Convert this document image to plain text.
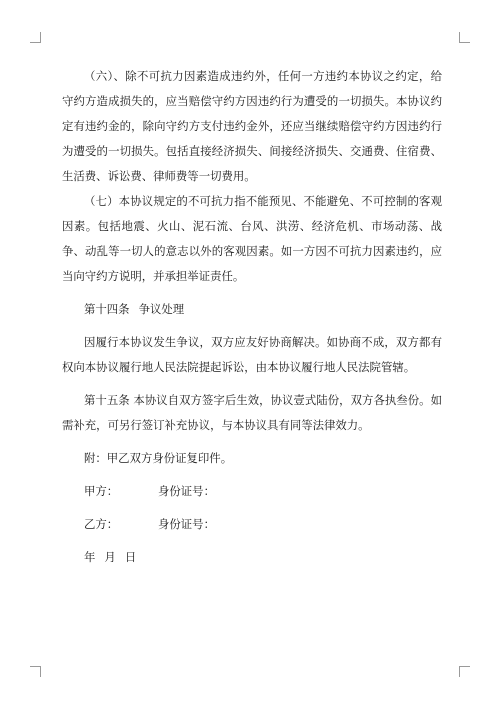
（六）、除不可抗力因素造成违约外，任何一方违约本协议之约定，给守约方造成损失的，应当赔偿守约方因违约行为遭受的一切损失。本协议约定有违约金的，除向守约方支付违约金外，还应当继续赔偿守约方因违约行为遭受的一切损失。包括直接经济损失、间接经济损失、交通费、住宿费、生活费、诉讼费、律师费等一切费用。

（七）本协议规定的不可抗力指不能预见、不能避免、不可控制的客观因素。包括地震、火山、泥石流、台风、洪涝、经济危机、市场动荡、战争、动乱等一切人的意志以外的客观因素。如一方因不可抗力因素违约，应当向守约方说明，并承担举证责任。

第十四条 争议处理

因履行本协议发生争议，双方应友好协商解决。如协商不成，双方都有权向本协议履行地人民法院提起诉讼，由本协议履行地人民法院管辖。

第十五条 本协议自双方签字后生效，协议壹式陆份，双方各执叁份。如需补充，可另行签订补充协议，与本协议具有同等法律效力。

附：甲乙双方身份证复印件。

甲方：	身份证号：
乙方：	身份证号：

年 月 日
